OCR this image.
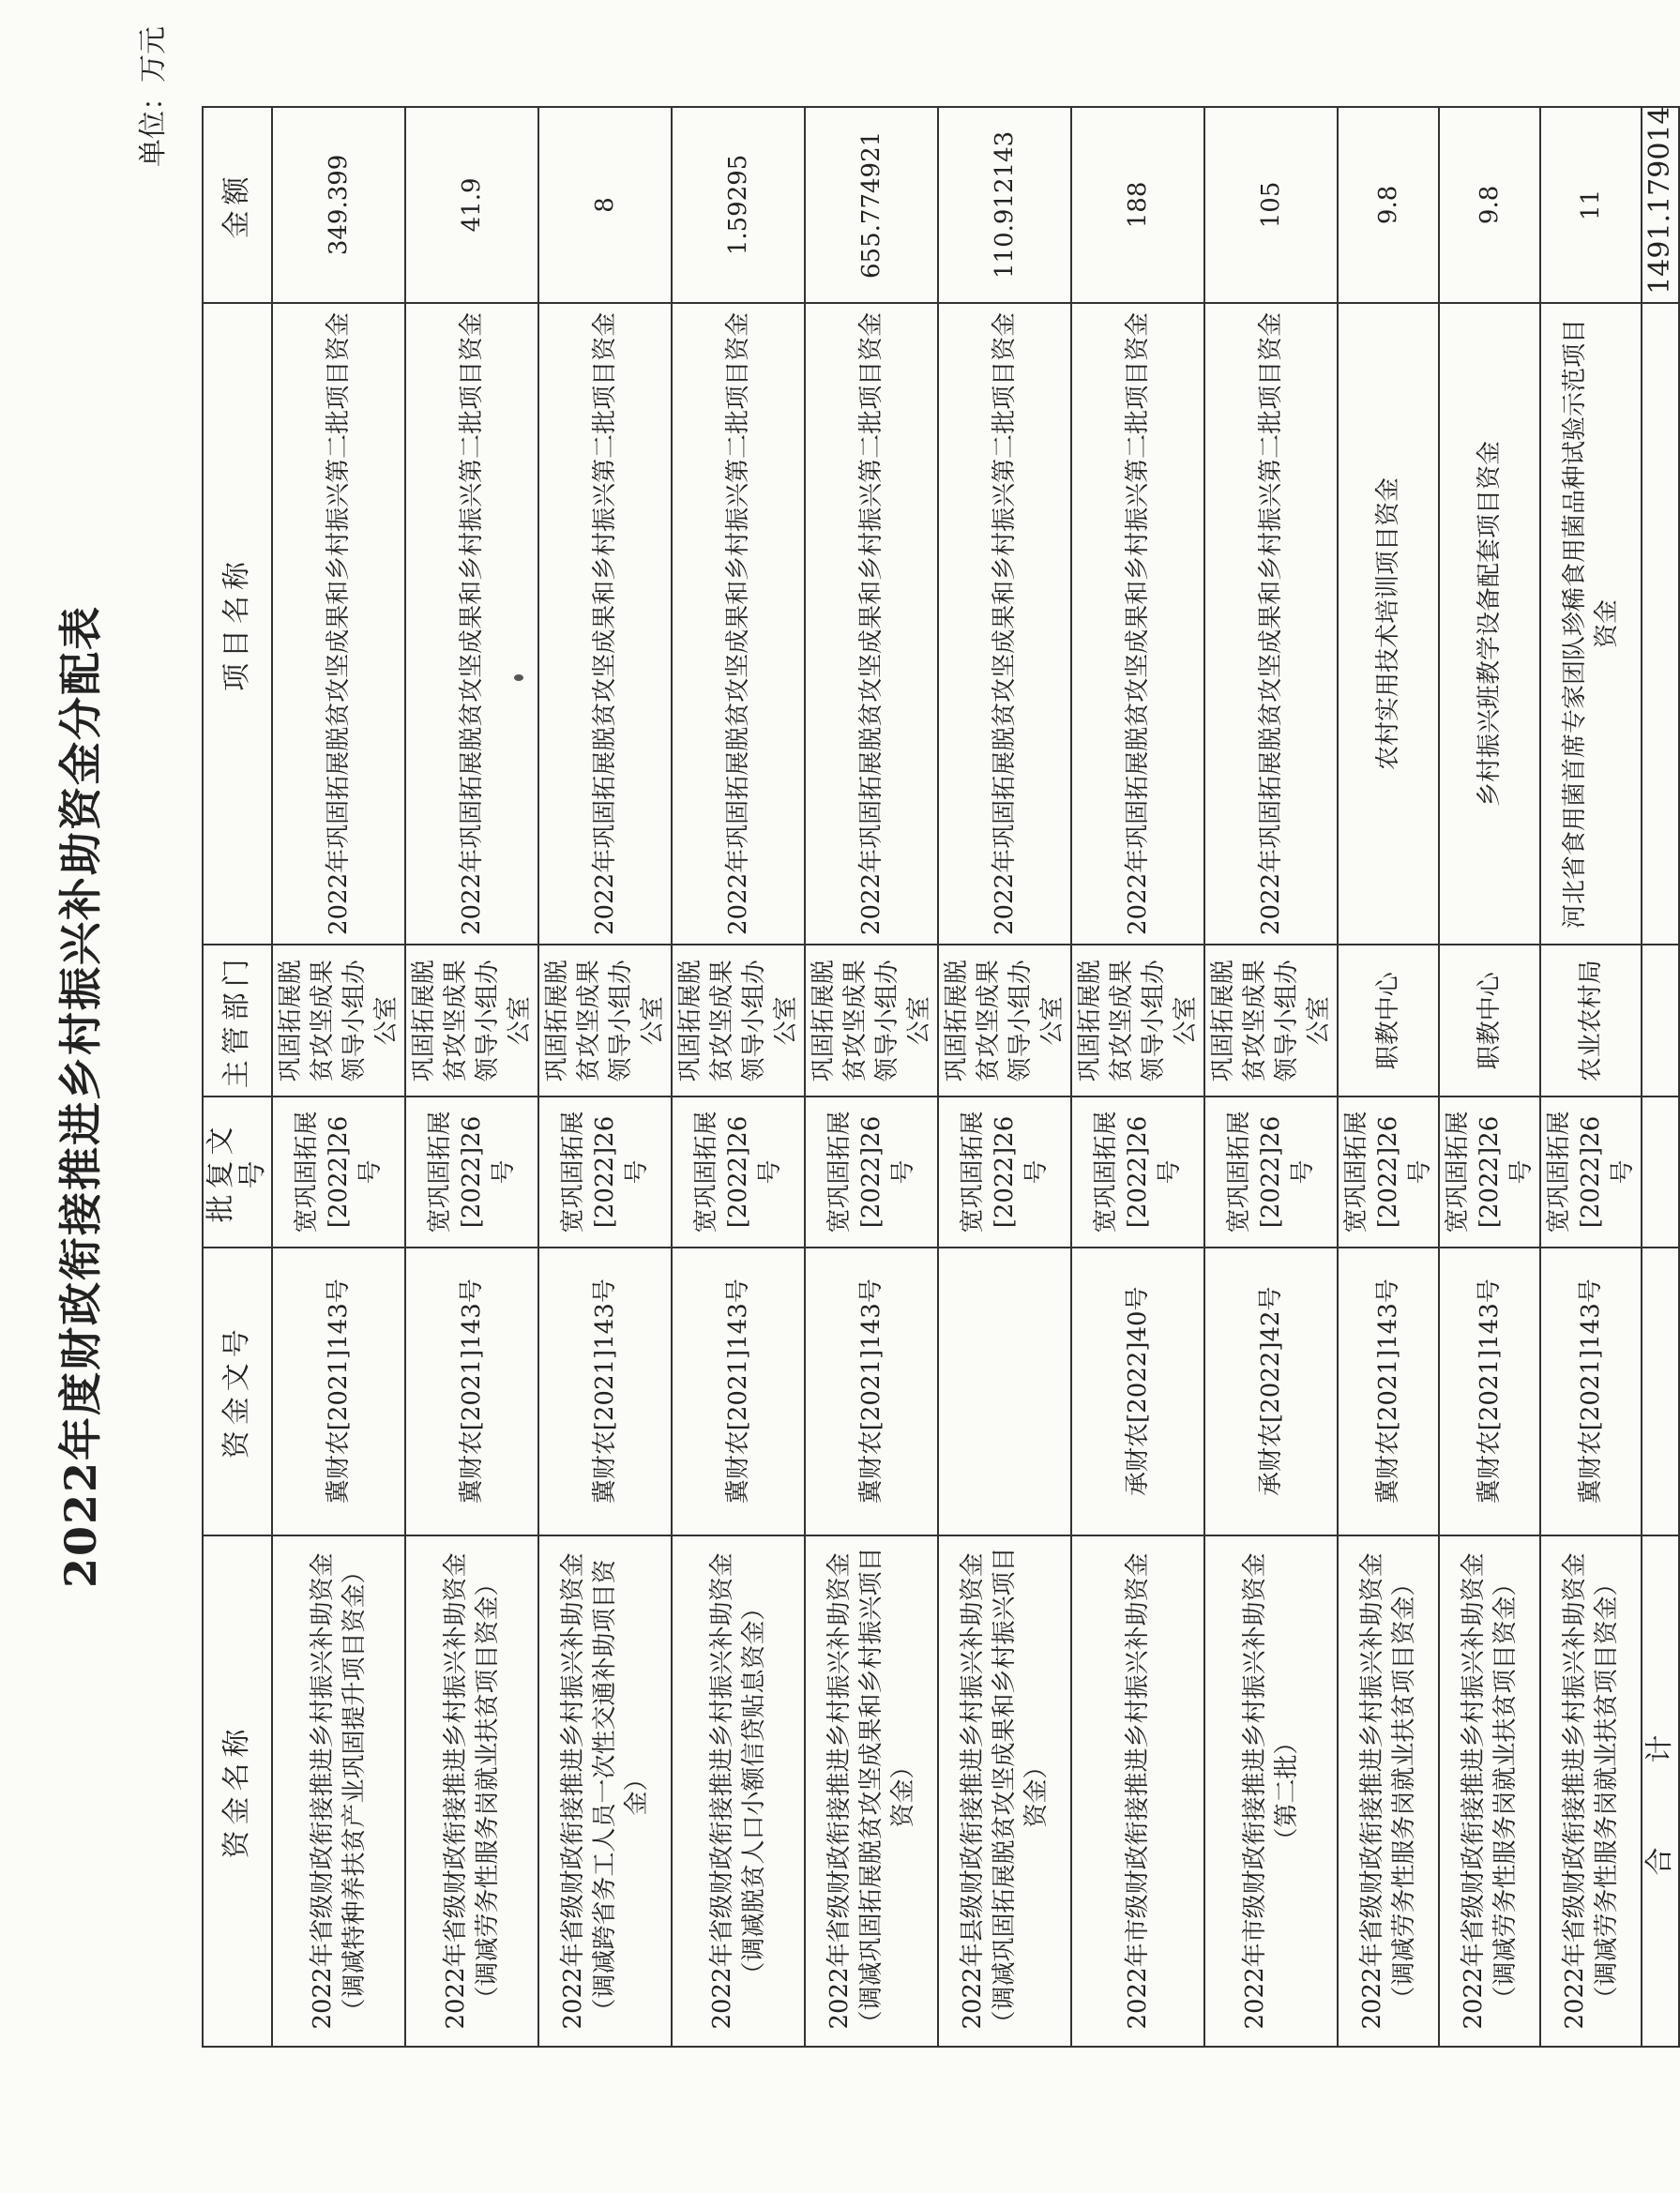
2022年度财政衔接推进乡村振兴补助资金分配表
单位：万元
资金名称	资金文号	批复文号	主管部门	项目名称	金额
2022年省级财政衔接推进乡村振兴补助资金（调减特种养扶贫产业巩固提升项目资金）	冀财农[2021]143号	宽巩固拓展[2022]26号	巩固拓展脱贫攻坚成果领导小组办公室	2022年巩固拓展脱贫攻坚成果和乡村振兴第二批项目资金	349.399
2022年省级财政衔接推进乡村振兴补助资金（调减劳务性服务岗就业扶贫项目资金）	冀财农[2021]143号	宽巩固拓展[2022]26号	巩固拓展脱贫攻坚成果领导小组办公室	2022年巩固拓展脱贫攻坚成果和乡村振兴第二批项目资金	41.9
2022年省级财政衔接推进乡村振兴补助资金（调减跨省务工人员一次性交通补助项目资金）	冀财农[2021]143号	宽巩固拓展[2022]26号	巩固拓展脱贫攻坚成果领导小组办公室	2022年巩固拓展脱贫攻坚成果和乡村振兴第二批项目资金	8
2022年省级财政衔接推进乡村振兴补助资金（调减脱贫人口小额信贷贴息资金）	冀财农[2021]143号	宽巩固拓展[2022]26号	巩固拓展脱贫攻坚成果领导小组办公室	2022年巩固拓展脱贫攻坚成果和乡村振兴第二批项目资金	1.59295
2022年省级财政衔接推进乡村振兴补助资金（调减巩固拓展脱贫攻坚成果和乡村振兴项目资金）	冀财农[2021]143号	宽巩固拓展[2022]26号	巩固拓展脱贫攻坚成果领导小组办公室	2022年巩固拓展脱贫攻坚成果和乡村振兴第二批项目资金	655.774921
2022年县级财政衔接推进乡村振兴补助资金（调减巩固拓展脱贫攻坚成果和乡村振兴项目资金）		宽巩固拓展[2022]26号	巩固拓展脱贫攻坚成果领导小组办公室	2022年巩固拓展脱贫攻坚成果和乡村振兴第二批项目资金	110.912143
2022年市级财政衔接推进乡村振兴补助资金	承财农[2022]40号	宽巩固拓展[2022]26号	巩固拓展脱贫攻坚成果领导小组办公室	2022年巩固拓展脱贫攻坚成果和乡村振兴第二批项目资金	188
2022年市级财政衔接推进乡村振兴补助资金（第二批）	承财农[2022]42号	宽巩固拓展[2022]26号	巩固拓展脱贫攻坚成果领导小组办公室	2022年巩固拓展脱贫攻坚成果和乡村振兴第二批项目资金	105
2022年省级财政衔接推进乡村振兴补助资金（调减劳务性服务岗就业扶贫项目资金）	冀财农[2021]143号	宽巩固拓展[2022]26号	职教中心	农村实用技术培训项目资金	9.8
2022年省级财政衔接推进乡村振兴补助资金（调减劳务性服务岗就业扶贫项目资金）	冀财农[2021]143号	宽巩固拓展[2022]26号	职教中心	乡村振兴班教学设备配套项目资金	9.8
2022年省级财政衔接推进乡村振兴补助资金（调减劳务性服务岗就业扶贫项目资金）	冀财农[2021]143号	宽巩固拓展[2022]26号	农业农村局	河北省食用菌首席专家团队珍稀食用菌品种试验示范项目资金	11
合　计					1491.179014
